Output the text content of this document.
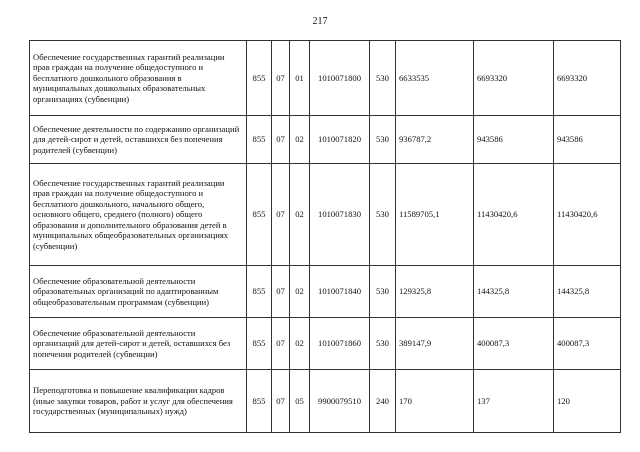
217
Обеспечение государственных гарантий реализации прав граждан на получение общедоступного и бесплатного дошкольного образования в муниципальных дошкольных образовательных организациях (субвенции)	855	07	01	1010071800	530	6633535	6693320	6693320
Обеспечение деятельности по содержанию организаций для детей-сирот и детей, оставшихся без попечения родителей (субвенции)	855	07	02	1010071820	530	936787,2	943586	943586
Обеспечение государственных гарантий реализации прав граждан на получение общедоступного и бесплатного дошкольного, начального общего, основного общего, среднего (полного) общего образования и дополнительного образования детей в муниципальных общеобразовательных организациях (субвенции)	855	07	02	1010071830	530	11589705,1	11430420,6	11430420,6
Обеспечение образовательной деятельности образовательных организаций по адаптированным общеобразовательным программам (субвенции)	855	07	02	1010071840	530	129325,8	144325,8	144325,8
Обеспечение образовательной деятельности организаций для детей-сирот и детей, оставшихся без попечения родителей (субвенции)	855	07	02	1010071860	530	389147,9	400087,3	400087,3
Переподготовка и повышение квалификации кадров (иные закупки товаров, работ и услуг для обеспечения государственных (муниципальных) нужд)	855	07	05	9900079510	240	170	137	120
